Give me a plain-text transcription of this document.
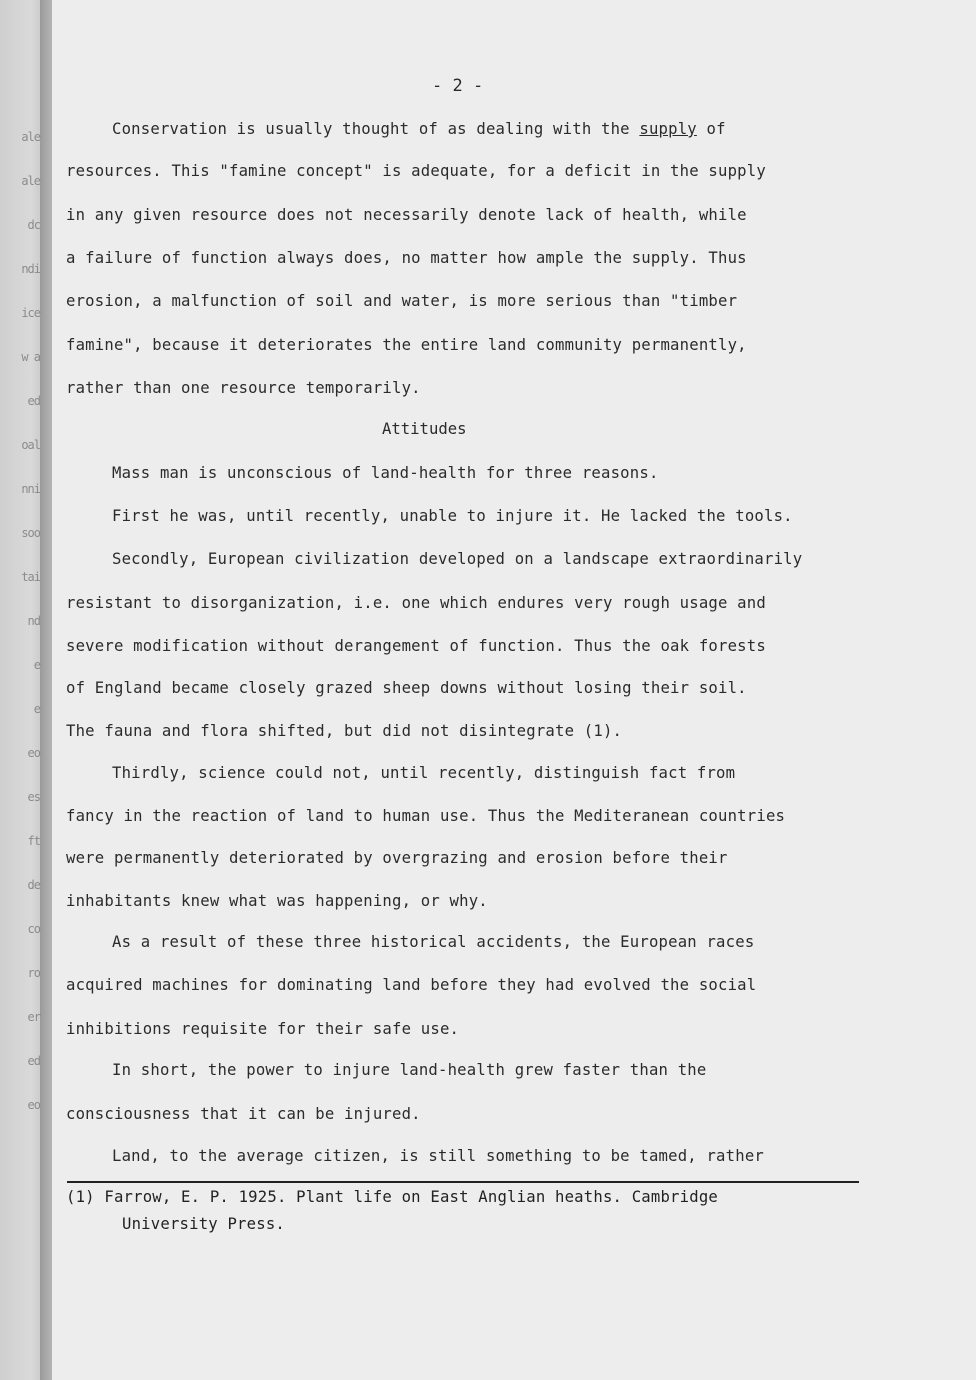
ale
ale
dc
ndi
ice
w a
ed
oal
nni
soo
tai
nd
e
e
eo
es
ft
de
co
ro
er
ed
eo
- 2 -
Conservation is usually thought of as dealing with the supply of
resources. This "famine concept" is adequate, for a deficit in the supply
in any given resource does not necessarily denote lack of health, while
a failure of function always does, no matter how ample the supply. Thus
erosion, a malfunction of soil and water, is more serious than "timber
famine", because it deteriorates the entire land community permanently,
rather than one resource temporarily.
Attitudes
Mass man is unconscious of land-health for three reasons.
First he was, until recently, unable to injure it. He lacked the tools.
Secondly, European civilization developed on a landscape extraordinarily
resistant to disorganization, i.e. one which endures very rough usage and
severe modification without derangement of function. Thus the oak forests
of England became closely grazed sheep downs without losing their soil.
The fauna and flora shifted, but did not disintegrate (1).
Thirdly, science could not, until recently, distinguish fact from
fancy in the reaction of land to human use. Thus the Mediteranean countries
were permanently deteriorated by overgrazing and erosion before their
inhabitants knew what was happening, or why.
As a result of these three historical accidents, the European races
acquired machines for dominating land before they had evolved the social
inhibitions requisite for their safe use.
In short, the power to injure land-health grew faster than the
consciousness that it can be injured.
Land, to the average citizen, is still something to be tamed, rather
(1) Farrow, E. P. 1925. Plant life on East Anglian heaths. Cambridge
University Press.
